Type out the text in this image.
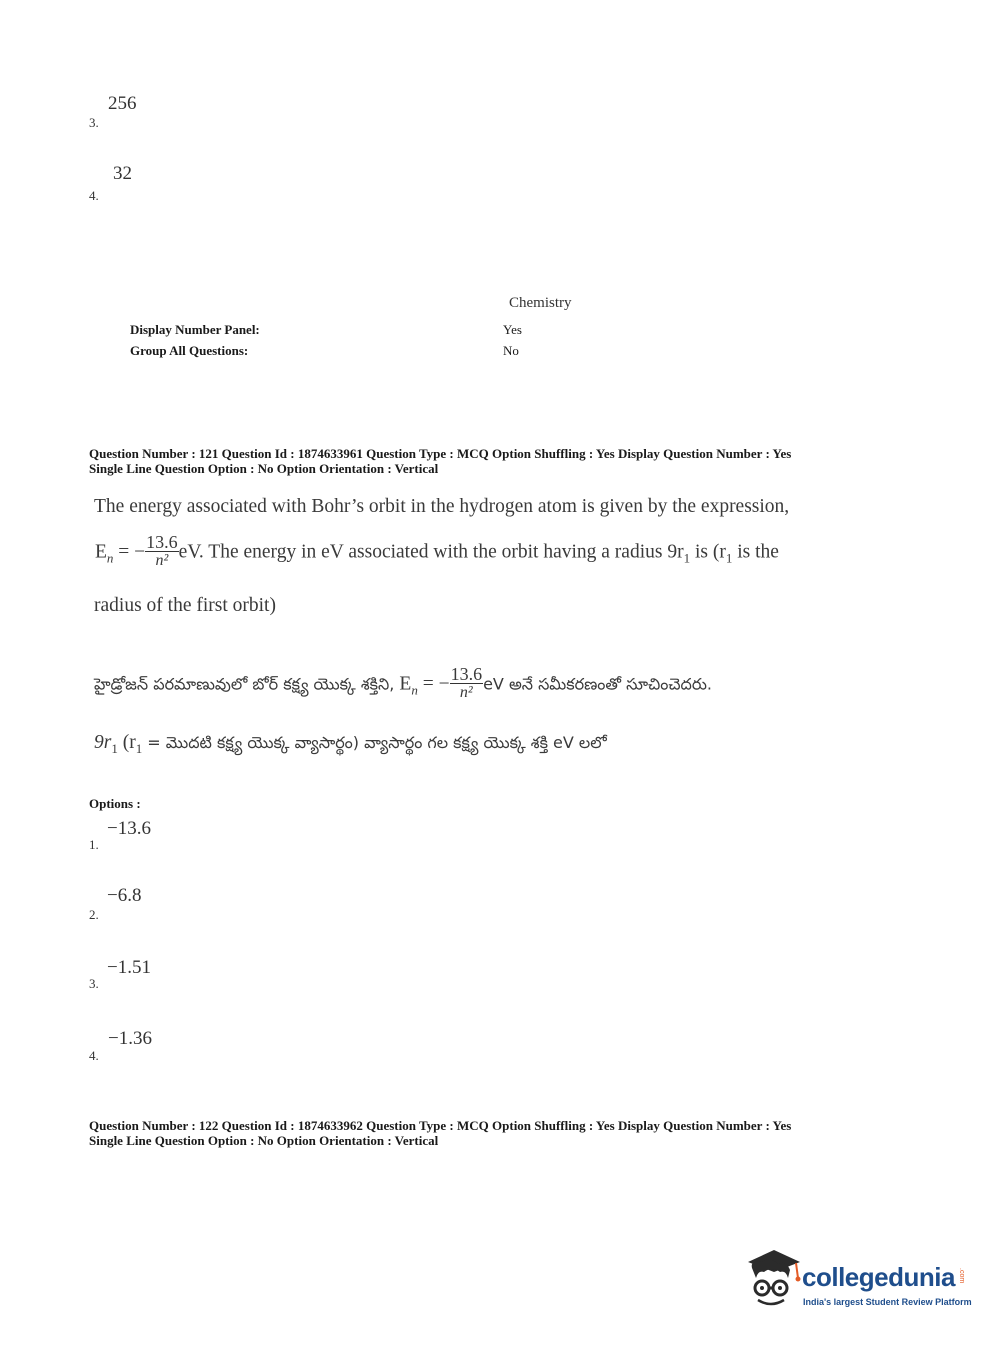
256
3.
32
4.
Chemistry
Display Number Panel:	Yes
Group All Questions:	No
Question Number : 121 Question Id : 1874633961 Question Type : MCQ Option Shuffling : Yes Display Question Number : Yes
Single Line Question Option : No Option Orientation : Vertical
The energy associated with Bohr’s orbit in the hydrogen atom is given by the expression,
$E_n$ = − $\frac{13.6}{\text{n²}}$ eV. The energy in eV associated with the orbit having a radius $9r_1$ is ($r_1$ is the
radius of the first orbit)
హైడ్రోజన్ పరమాణువులో బోర్ కక్ష్య యొక్క శక్తిని, $E_n$ = − $\frac{13.6}{\text{n²}}$ eV అనే సమీకరణంతో సూచించెదరు.
$9r_1$ ($r_1$ = మొదటి కక్ష్య యొక్క వ్యాసార్థం) వ్యాసార్థం గల కక్ష్య యొక్క శక్తి eV లలో
Options :
−13.6
1.
−6.8
2.
−1.51
3.
−1.36
4.
Question Number : 122 Question Id : 1874633962 Question Type : MCQ Option Shuffling : Yes Display Question Number : Yes
Single Line Question Option : No Option Orientation : Vertical
collegedunia .com
India's largest Student Review Platform
